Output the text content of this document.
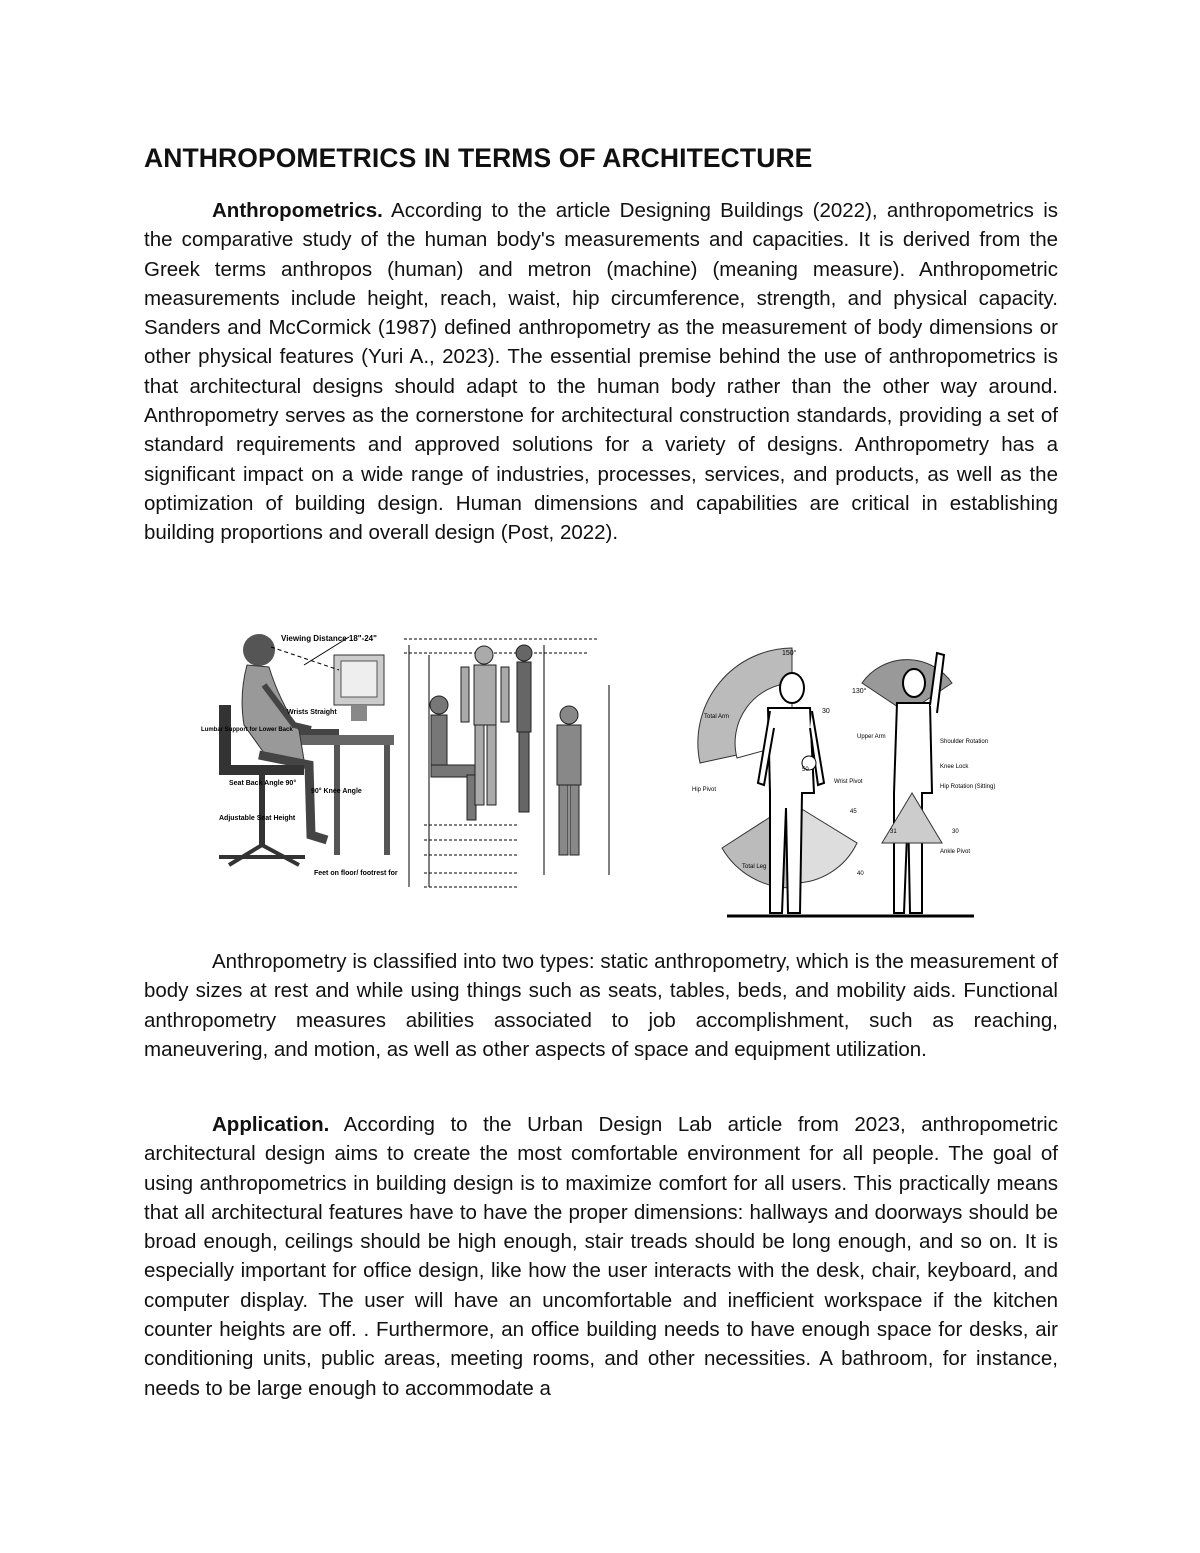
ANTHROPOMETRICS IN TERMS OF ARCHITECTURE

Anthropometrics. According to the article Designing Buildings (2022), anthropometrics is the comparative study of the human body's measurements and capacities. It is derived from the Greek terms anthropos (human) and metron (machine) (meaning measure). Anthropometric measurements include height, reach, waist, hip circumference, strength, and physical capacity. Sanders and McCormick (1987) defined anthropometry as the measurement of body dimensions or other physical features (Yuri A., 2023). The essential premise behind the use of anthropometrics is that architectural designs should adapt to the human body rather than the other way around. Anthropometry serves as the cornerstone for architectural construction standards, providing a set of standard requirements and approved solutions for a variety of designs. Anthropometry has a significant impact on a wide range of industries, processes, services, and products, as well as the optimization of building design. Human dimensions and capabilities are critical in establishing building proportions and overall design (Post, 2022).

Anthropometry is classified into two types: static anthropometry, which is the measurement of body sizes at rest and while using things such as seats, tables, beds, and mobility aids. Functional anthropometry measures abilities associated to job accomplishment, such as reaching, maneuvering, and motion, as well as other aspects of space and equipment utilization.

Application. According to the Urban Design Lab article from 2023, anthropometric architectural design aims to create the most comfortable environment for all people. The goal of using anthropometrics in building design is to maximize comfort for all users. This practically means that all architectural features have to have the proper dimensions: hallways and doorways should be broad enough, ceilings should be high enough, stair treads should be long enough, and so on. It is especially important for office design, like how the user interacts with the desk, chair, keyboard, and computer display. The user will have an uncomfortable and inefficient workspace if the kitchen counter heights are off. . Furthermore, an office building needs to have enough space for desks, air conditioning units, public areas, meeting rooms, and other necessities. A bathroom, for instance, needs to be large enough to accommodate a

Viewing Distance 18"-24"
Wrists Straight
Lumbar Support for Lower Back
Seat Back Angle 90°
90° Knee Angle
Adjustable Seat Height
Feet on floor/ footrest for
150°
30
Total Arm
Hip Pivot
Wrist Pivot
50
45
Total Leg
40
130°
Upper Arm
Shoulder Rotation
Knee Lock
Hip Rotation (Sitting)
Ankle Pivot
31	30
